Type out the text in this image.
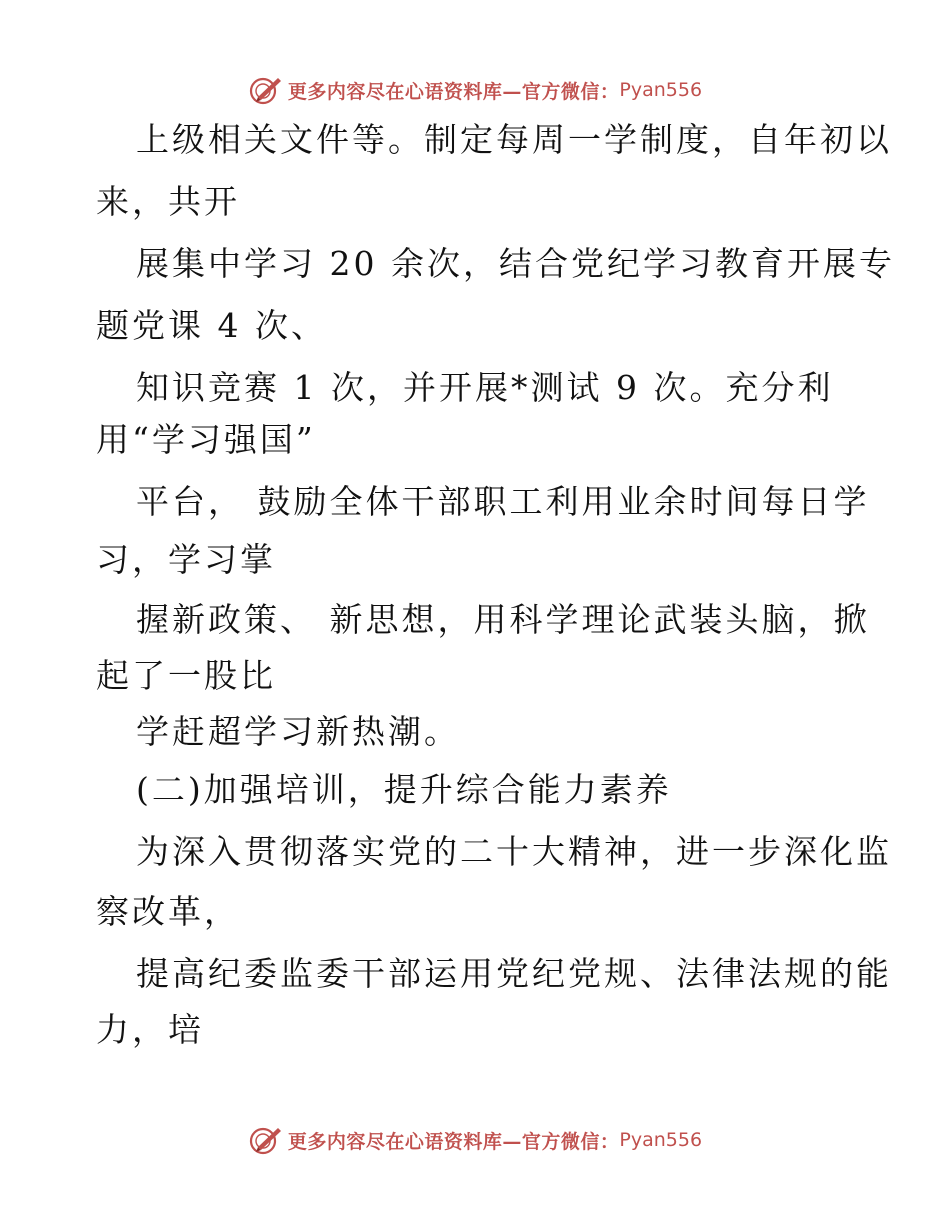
更多内容尽在心语资料库—官方微信： Pyan556
上级相关文件等。制定每周一学制度，自年初以
来，共开
展集中学习 20 余次，结合党纪学习教育开展专
题党课 4 次、
知识竞赛 1 次，并开展*测试 9 次。充分利
用“学习强国”
平台， 鼓励全体干部职工利用业余时间每日学
习，学习掌
握新政策、 新思想，用科学理论武装头脑，掀
起了一股比
学赶超学习新热潮。
(二)加强培训，提升综合能力素养
为深入贯彻落实党的二十大精神，进一步深化监
察改革，
提高纪委监委干部运用党纪党规、法律法规的能
力，培
更多内容尽在心语资料库—官方微信： Pyan556
